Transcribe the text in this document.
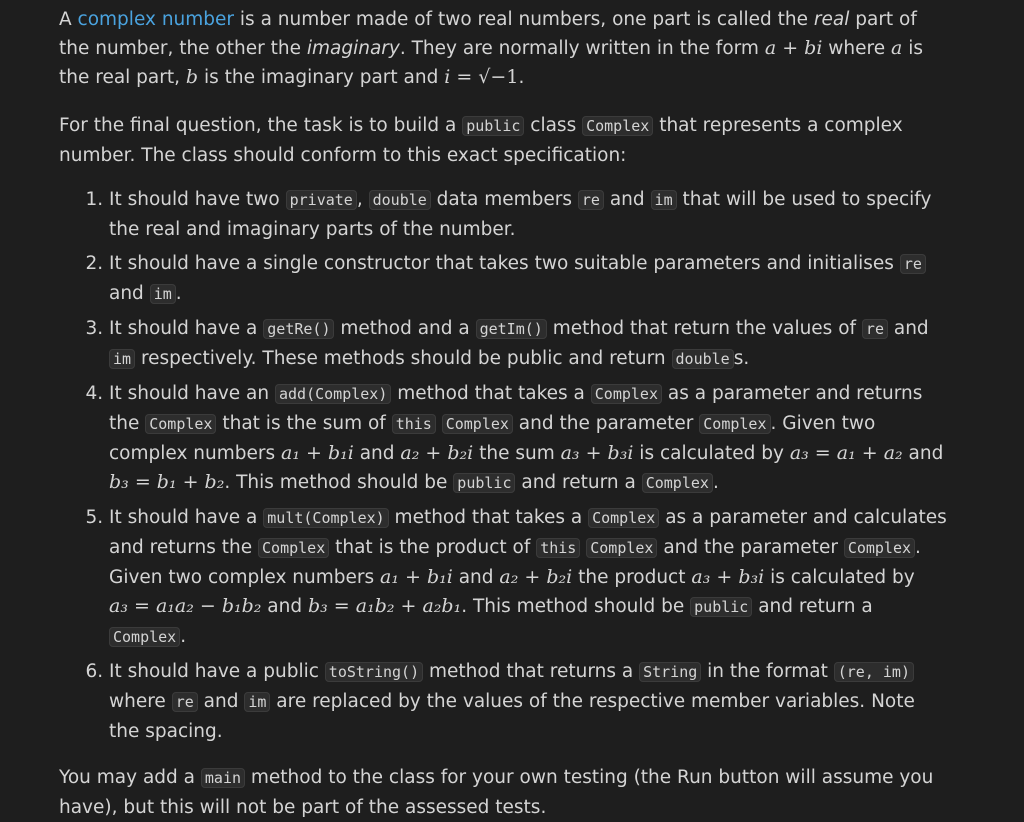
A complex number is a number made of two real numbers, one part is called the real part of the number, the other the imaginary. They are normally written in the form a + bi where a is the real part, b is the imaginary part and i = √−1.

For the final question, the task is to build a public class Complex that represents a complex number. The class should conform to this exact specification:

1. It should have two private , double data members re and im that will be used to specify the real and imaginary parts of the number.
2. It should have a single constructor that takes two suitable parameters and initialises re and im .
3. It should have a getRe() method and a getIm() method that return the values of re and im respectively. These methods should be public and return double s.
4. It should have an add(Complex) method that takes a Complex as a parameter and returns the Complex that is the sum of this Complex and the parameter Complex . Given two complex numbers a₁ + b₁i and a₂ + b₂i the sum a₃ + b₃i is calculated by a₃ = a₁ + a₂ and b₃ = b₁ + b₂. This method should be public and return a Complex .
5. It should have a mult(Complex) method that takes a Complex as a parameter and calculates and returns the Complex that is the product of this Complex and the parameter Complex . Given two complex numbers a₁ + b₁i and a₂ + b₂i the product a₃ + b₃i is calculated by a₃ = a₁a₂ − b₁b₂ and b₃ = a₁b₂ + a₂b₁. This method should be public and return a Complex .
6. It should have a public toString() method that returns a String in the format (re, im) where re and im are replaced by the values of the respective member variables. Note the spacing.

You may add a main method to the class for your own testing (the Run button will assume you have), but this will not be part of the assessed tests.
